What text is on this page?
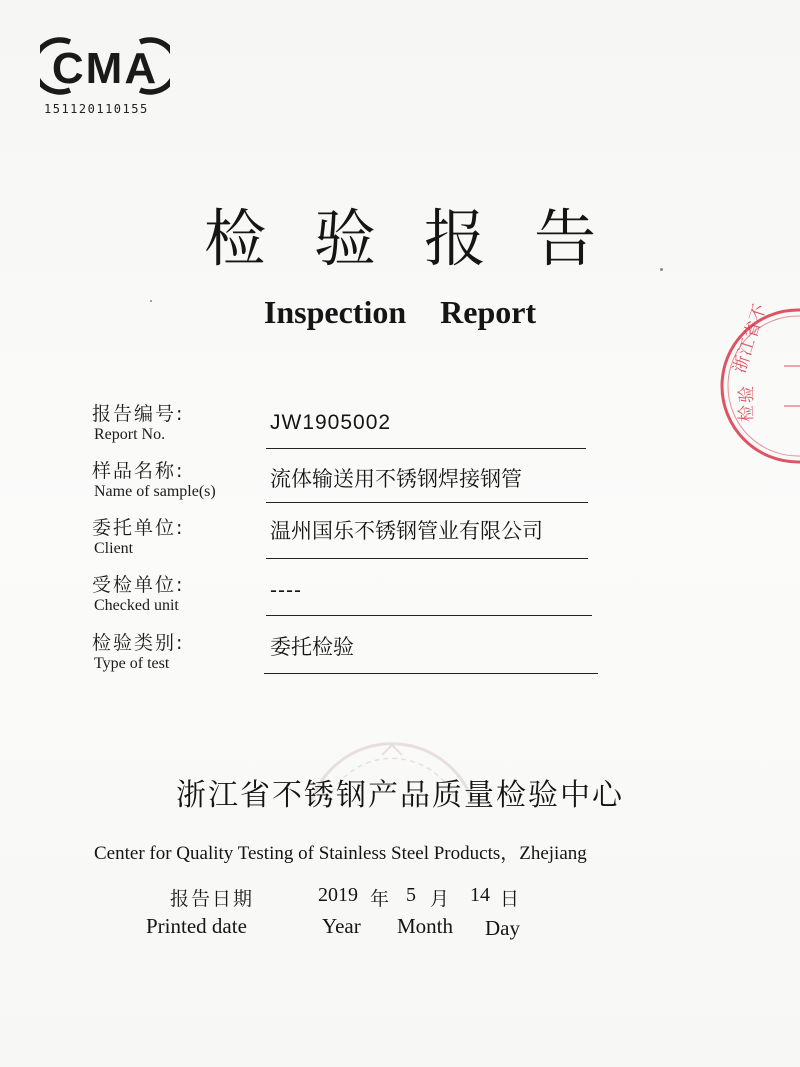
CMA
151120110155
检验报告
Inspection Report
报告编号:
Report No.
JW1905002
样品名称:
Name of sample(s)
流体输送用不锈钢焊接钢管
委托单位:
Client
温州国乐不锈钢管业有限公司
受检单位:
Checked unit
----
检验类别:
Type of test
委托检验
浙江省不锈钢产品质量检验中心
Center for Quality Testing of Stainless Steel Products，Zhejiang
报告日期
Printed date
2019 年 5 月 14 日
Year Month Day
浙江省不
检验
